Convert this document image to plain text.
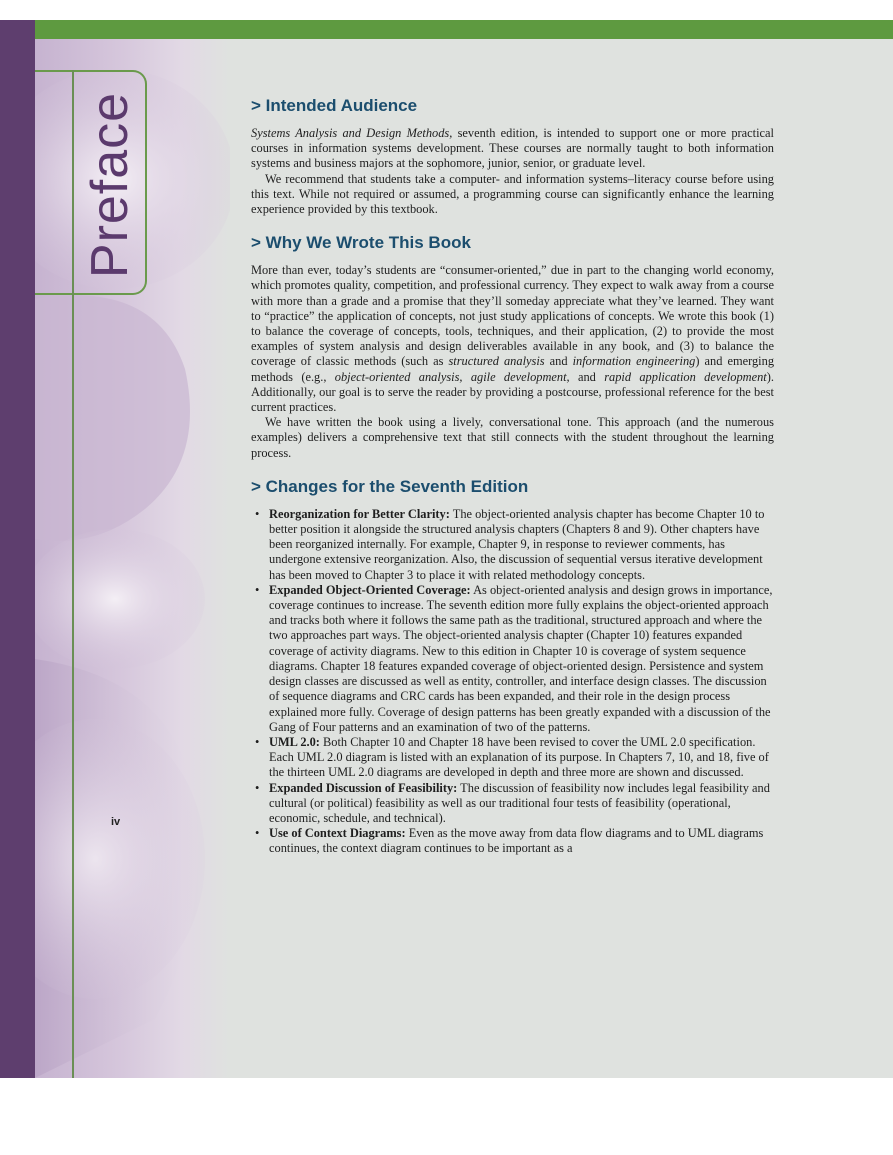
Preface
iv
> Intended Audience

Systems Analysis and Design Methods, seventh edition, is intended to support one or more practical courses in information systems development. These courses are normally taught to both information systems and business majors at the sophomore, junior, senior, or graduate level.

We recommend that students take a computer- and information systems–literacy course before using this text. While not required or assumed, a programming course can significantly enhance the learning experience provided by this textbook.

> Why We Wrote This Book

More than ever, today’s students are “consumer-oriented,” due in part to the changing world economy, which promotes quality, competition, and professional currency. They expect to walk away from a course with more than a grade and a promise that they’ll someday appreciate what they’ve learned. They want to “practice” the application of concepts, not just study applications of concepts. We wrote this book (1) to balance the coverage of concepts, tools, techniques, and their application, (2) to provide the most examples of system analysis and design deliverables available in any book, and (3) to balance the coverage of classic methods (such as structured analysis and information engineering) and emerging methods (e.g., object-oriented analysis, agile development, and rapid application development). Additionally, our goal is to serve the reader by providing a postcourse, professional reference for the best current practices.

We have written the book using a lively, conversational tone. This approach (and the numerous examples) delivers a comprehensive text that still connects with the student throughout the learning process.

> Changes for the Seventh Edition
• Reorganization for Better Clarity: The object-oriented analysis chapter has become Chapter 10 to better position it alongside the structured analysis chapters (Chapters 8 and 9). Other chapters have been reorganized internally. For example, Chapter 9, in response to reviewer comments, has undergone extensive reorganization. Also, the discussion of sequential versus iterative development has been moved to Chapter 3 to place it with related methodology concepts.
• Expanded Object-Oriented Coverage: As object-oriented analysis and design grows in importance, coverage continues to increase. The seventh edition more fully explains the object-oriented approach and tracks both where it follows the same path as the traditional, structured approach and where the two approaches part ways. The object-oriented analysis chapter (Chapter 10) features expanded coverage of activity diagrams. New to this edition in Chapter 10 is coverage of system sequence diagrams. Chapter 18 features expanded coverage of object-oriented design. Persistence and system design classes are discussed as well as entity, controller, and interface design classes. The discussion of sequence diagrams and CRC cards has been expanded, and their role in the design process explained more fully. Coverage of design patterns has been greatly expanded with a discussion of the Gang of Four patterns and an examination of two of the patterns.
• UML 2.0: Both Chapter 10 and Chapter 18 have been revised to cover the UML 2.0 specification. Each UML 2.0 diagram is listed with an explanation of its purpose. In Chapters 7, 10, and 18, five of the thirteen UML 2.0 diagrams are developed in depth and three more are shown and discussed.
• Expanded Discussion of Feasibility: The discussion of feasibility now includes legal feasibility and cultural (or political) feasibility as well as our traditional four tests of feasibility (operational, economic, schedule, and technical).
• Use of Context Diagrams: Even as the move away from data flow diagrams and to UML diagrams continues, the context diagram continues to be important as a
